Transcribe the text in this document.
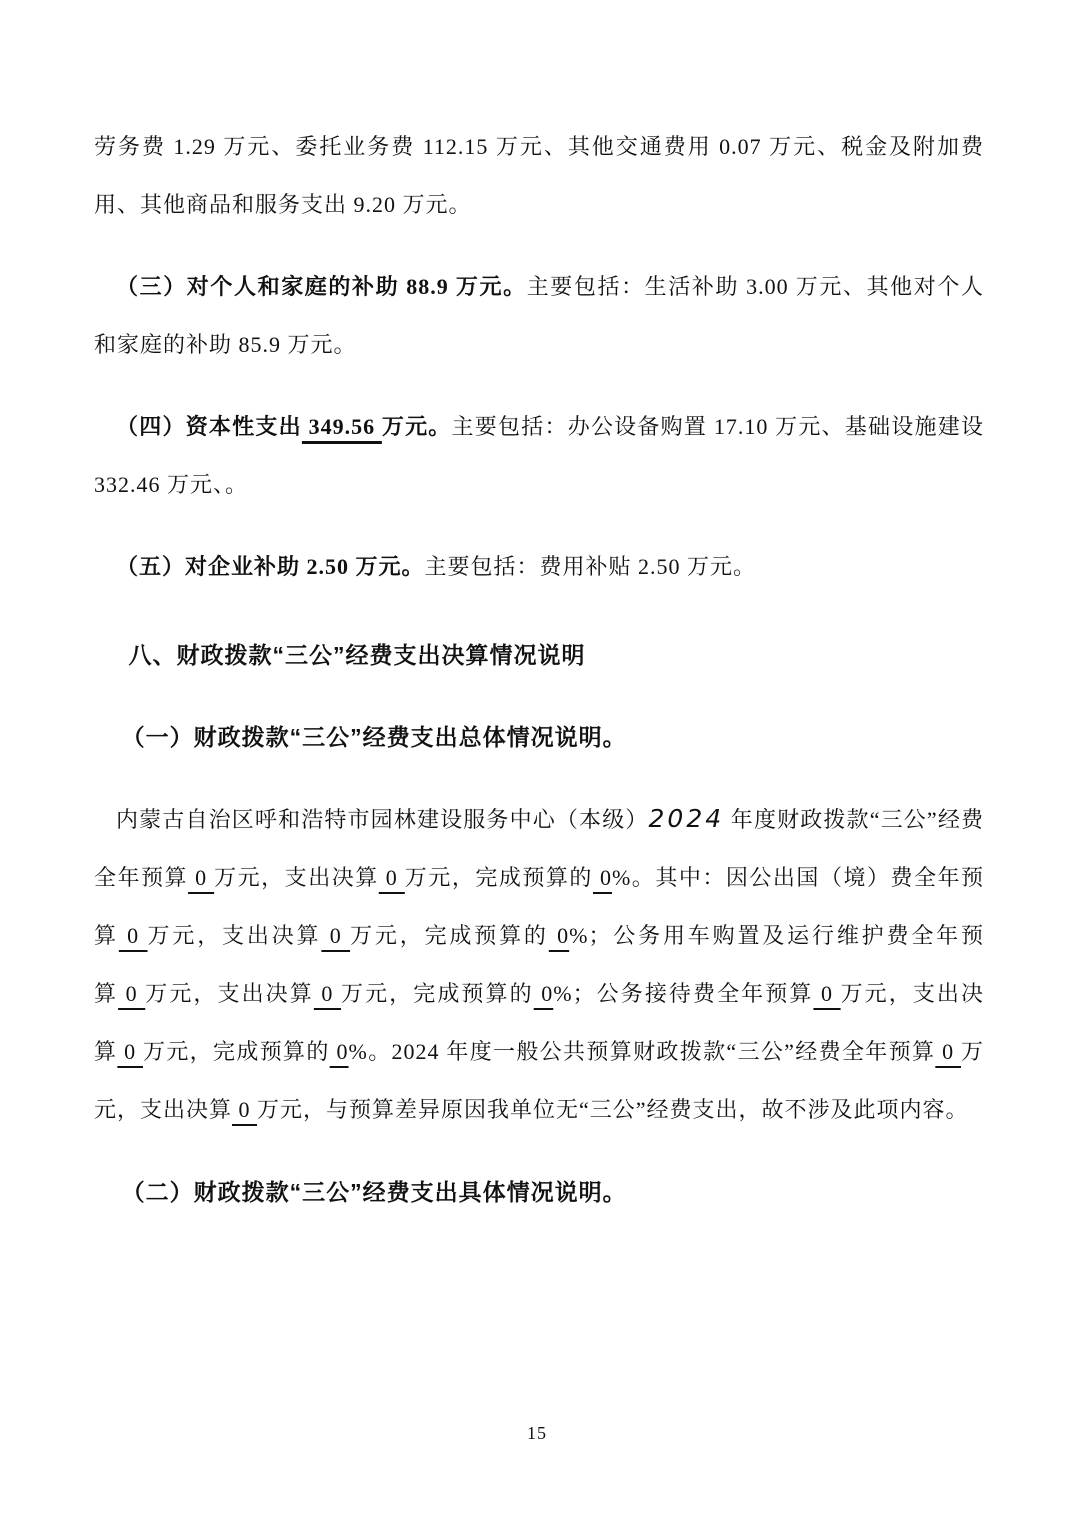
劳务费 1.29 万元、委托业务费 112.15 万元、其他交通费用 0.07 万元、税金及附加费用、其他商品和服务支出 9.20 万元。

（三）对个人和家庭的补助 88.9 万元。主要包括：生活补助 3.00 万元、其他对个人和家庭的补助 85.9 万元。

（四）资本性支出 349.56 万元。主要包括：办公设备购置 17.10 万元、基础设施建设 332.46 万元、。

（五）对企业补助 2.50 万元。主要包括：费用补贴 2.50 万元。

八、财政拨款“三公”经费支出决算情况说明
（一）财政拨款“三公”经费支出总体情况说明。

内蒙古自治区呼和浩特市园林建设服务中心（本级）2024 年度财政拨款“三公”经费全年预算 0 万元，支出决算 0 万元，完成预算的 0%。其中：因公出国（境）费全年预算 0 万元，支出决算 0 万元，完成预算的 0%；公务用车购置及运行维护费全年预算 0 万元，支出决算 0 万元，完成预算的 0%；公务接待费全年预算 0 万元，支出决算 0 万元，完成预算的 0%。2024 年度一般公共预算财政拨款“三公”经费全年预算 0 万元，支出决算 0 万元，与预算差异原因我单位无“三公”经费支出，故不涉及此项内容。

（二）财政拨款“三公”经费支出具体情况说明。
15
